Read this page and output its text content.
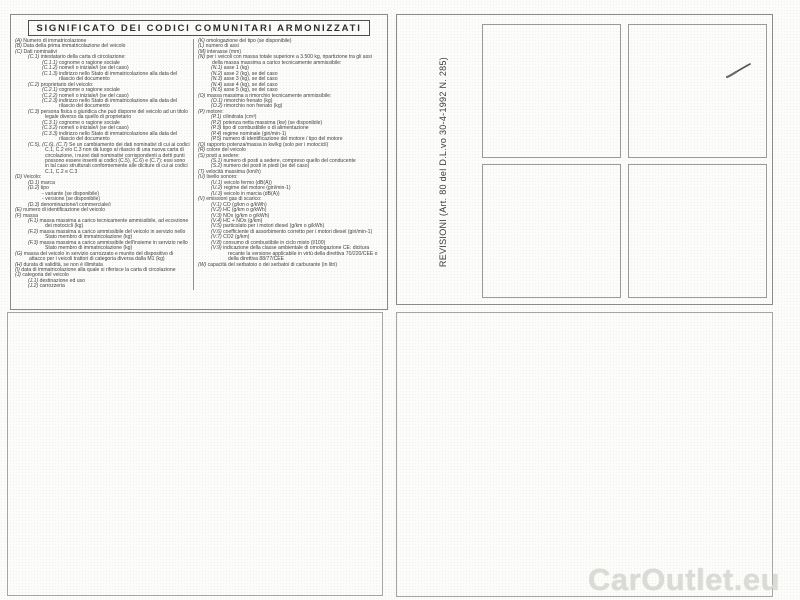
SIGNIFICATO DEI CODICI COMUNITARI ARMONIZZATI
(A) Numero di immatricolazione
(B) Data della prima immatricolazione del veicolo
(C) Dati nominativi
(C.1) intestatario della carta di circolazione:
(C.1.1) cognome o ragione sociale
(C.1.2) nome/i o iniziale/i (se del caso)
(C.1.3) indirizzo nello Stato di immatricolazione alla data del rilascio del documento
(C.2) proprietario del veicolo:
(C.2.1) cognome o ragione sociale
(C.2.2) nome/i o iniziale/i (se del caso)
(C.2.3) indirizzo nello Stato di immatricolazione alla data del rilascio del documento
(C.3) persona fisica o giuridica che può disporre del veicolo ad un titolo legale diverso da quello di proprietario
(C.3.1) cognome o ragione sociale
(C.3.2) nome/i o iniziale/i (se del caso)
(C.3.3) indirizzo nello Stato di immatricolazione alla data del rilascio del documento
(C.5), (C.6), (C.7) Se un cambiamento dei dati nominativi di cui ai codici C.1, C.2 e/o C.3 non dà luogo al rilascio di una nuova carta di circolazione, i nuovi dati nominativi corrispondenti a detti punti possono essere inseriti ai codici (C.5), (C.6) e (C.7); essi sono in tal caso strutturati conformemente alle diciture di cui ai codici C.1, C.2 e C.3
(D) Veicolo:
(D.1) marca
(D.2) tipo
- variante (se disponibile)
- versione (se disponibile)
(D.3) denominazione/i commerciale/i
(E) numero di identificazione del veicolo
(F) massa
(F.1) massa massima a carico tecnicamente ammissibile, ad eccezione dei motocicli (kg)
(F.2) massa massima a carico ammissibile del veicolo in servizio nello Stato membro di immatricolazione (kg)
(F.3) massa massima a carico ammissibile dell'insieme in servizio nello Stato membro di immatricolazione (kg)
(G) massa del veicolo in servizio carrozzato e munito del dispositivo di attacco per i veicoli trattori di categoria diversa dalla M1 (kg)
(H) durata di validità, se non è illimitata
(I) data di immatricolazione alla quale si riferisce la carta di circolazione
(J) categoria del veicolo
(J.1) destinazione ed uso
(J.2) carrozzeria
(K) omologazione del tipo (se disponibile)
(L) numero di assi
(M) interasse (mm)
(N) per i veicoli con massa totale superiore a 3.500 kg, ripartizione tra gli assi della massa massima a carico tecnicamente ammissibile:
(N.1) asse 1 (kg)
(N.2) asse 2 (kg), se del caso
(N.3) asse 3 (kg), se del caso
(N.4) asse 4 (kg), se del caso
(N.5) asse 5 (kg), se del caso
(O) massa massima a rimorchio tecnicamente ammissibile:
(O.1) rimorchio frenato (kg)
(O.2) rimorchio non frenato (kg)
(P) motore:
(P.1) cilindrata (cm³)
(P.2) potenza netta massima (kw) (se disponibile)
(P.3) tipo di combustibile o di alimentazione
(P.4) regime nominale (giri/min-1)
(P.5) numero di identificazione del motore / tipo del motore
(Q) rapporto potenza/massa in kw/kg (solo per i motocicli)
(R) colore del veicolo
(S) posti a sedere:
(S.1) numero di posti a sedere, compreso quello del conducente
(S.2) numero dei posti in piedi (se del caso)
(T) velocità massima (km/h)
(U) livello sonoro:
(U.1) veicolo fermo (dB(A))
(U.2) regime del motore (giri/min-1)
(U.3) veicolo in marcia (dB(A))
(V) emissioni gas di scarico:
(V.1) CO (g/km o g/kWh)
(V.2) HC (g/km o g/kWh)
(V.3) NOx (g/km o g/kWh)
(V.4) HC + NOx (g/km)
(V.5) particolato per i motori diesel (g/km o g/kWh)
(V.6) coefficiente di assorbimento corretto per i motori diesel (giri/min-1)
(V.7) CO2 (g/km)
(V.8) consumo di combustibile in ciclo misto (l/100)
(V.9) indicazione della classe ambientale di omologazione CE: dicitura recante la versione applicabile in virtù della direttiva 70/220/CEE o della direttiva 88/77/CEE
(W) capacità del serbatoio o dei serbatoi di carburante (in litri)	REVISIONI (Art. 80 del D.L.vo 30-4-1992 N. 285)
CarOutlet.eu
